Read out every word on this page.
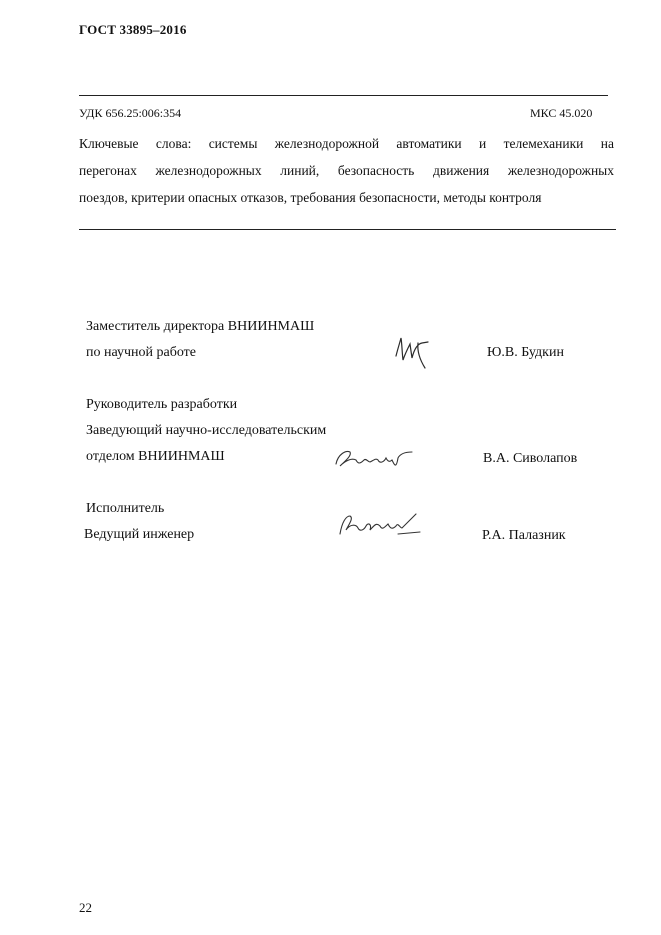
ГОСТ 33895–2016
УДК 656.25:006:354	МКС 45.020
Ключевые слова: системы железнодорожной автоматики и телемеханики на
перегонах железнодорожных линий, безопасность движения железнодорожных
поездов, критерии опасных отказов, требования безопасности, методы контроля
Заместитель директора ВНИИНМАШ
по научной работе	Ю.В. Будкин
Руководитель разработки
Заведующий научно-исследовательским
отделом ВНИИНМАШ	В.А. Сиволапов
Исполнитель
Ведущий инженер	Р.А. Палазник
22
